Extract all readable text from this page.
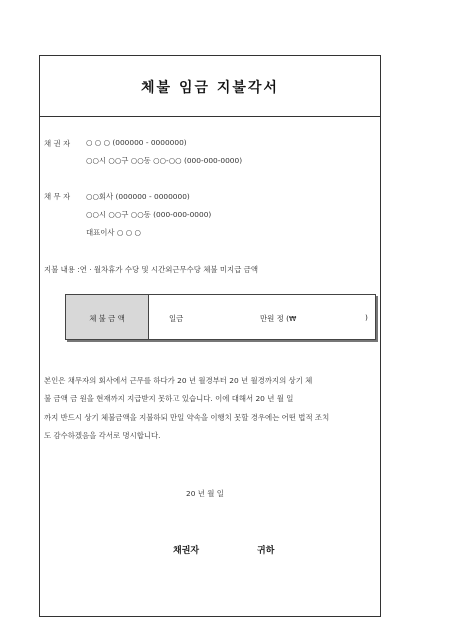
체불 임금 지불각서
채 권 자 ○ ○ ○ (000000 - 0000000)
○○시 ○○구 ○○동 ○○-○○ (000-000-0000)
채 무 자 ○○회사 (000000 - 0000000)
○○시 ○○구 ○○동 (000-000-0000)
대표이사 ○ ○ ○
지불 내용 :연 · 월차휴가 수당 및 시간외근무수당 체불 미지급 금액
체 불 금 액	일금	만원 정 (₩	)
본인은 채무자의 회사에서 근무를 하다가 20 년 월경부터 20 년 월경까지의 상기 체
불 금액 금 원을 현재까지 지급받지 못하고 있습니다. 이에 대해서 20 년 월 일
까지 반드시 상기 체불금액을 지불하되 만일 약속을 이행치 못할 경우에는 어떤 법적 조치
도 감수하겠음을 각서로 명시합니다.
20 년 월 일
채권자	귀하
